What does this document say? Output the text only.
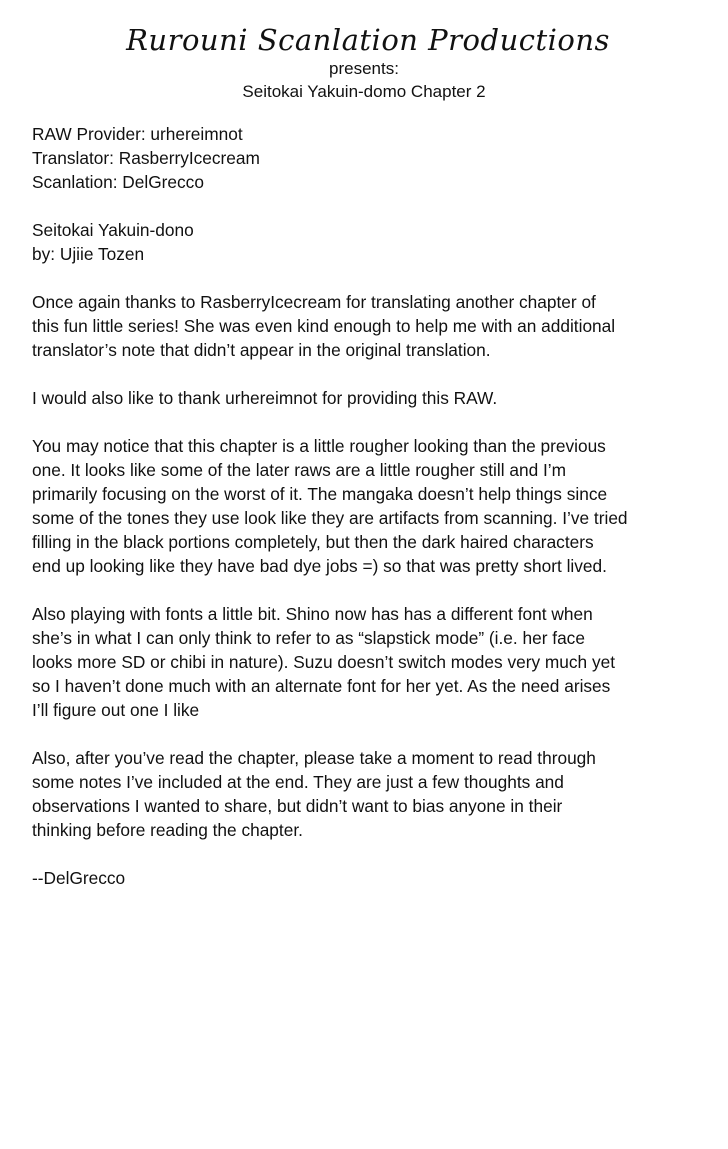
Rurouni Scanlation Productions
presents:
Seitokai Yakuin-domo Chapter 2
RAW Provider: urhereimnot
Translator: RasberryIcecream
Scanlation: DelGrecco
Seitokai Yakuin-dono
by: Ujiie Tozen
Once again thanks to RasberryIcecream for translating another chapter of
this fun little series! She was even kind enough to help me with an additional
translator’s note that didn’t appear in the original translation.
I would also like to thank urhereimnot for providing this RAW.
You may notice that this chapter is a little rougher looking than the previous
one. It looks like some of the later raws are a little rougher still and I’m
primarily focusing on the worst of it. The mangaka doesn’t help things since
some of the tones they use look like they are artifacts from scanning. I’ve tried
filling in the black portions completely, but then the dark haired characters
end up looking like they have bad dye jobs =) so that was pretty short lived.
Also playing with fonts a little bit. Shino now has has a different font when
she’s in what I can only think to refer to as “slapstick mode” (i.e. her face
looks more SD or chibi in nature). Suzu doesn’t switch modes very much yet
so I haven’t done much with an alternate font for her yet. As the need arises
I’ll figure out one I like
Also, after you’ve read the chapter, please take a moment to read through
some notes I’ve included at the end. They are just a few thoughts and
observations I wanted to share, but didn’t want to bias anyone in their
thinking before reading the chapter.
--DelGrecco
